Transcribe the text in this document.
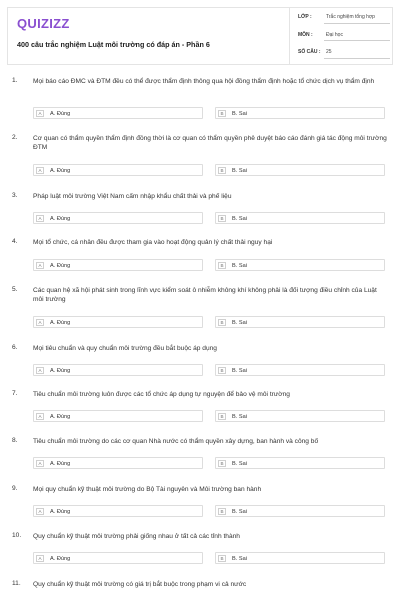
QUIZIZZ
400 câu trắc nghiệm Luật môi trường có đáp án - Phần 6
LỚP :	Trắc nghiệm tổng hợp
MÔN :	Đại học
SỐ CÂU : 25
1. Mọi báo cáo ĐMC và ĐTM đều có thể được thẩm định thông qua hội đồng thẩm định hoặc tổ chức dịch vụ thẩm định
A	A. Đúng	B	B. Sai
2. Cơ quan có thẩm quyền thẩm định đồng thời là cơ quan có thẩm quyền phê duyệt báo cáo đánh giá tác động môi trường ĐTM
A	A. Đúng	B	B. Sai
3. Pháp luật môi trường Việt Nam cấm nhập khẩu chất thải và phế liệu
A	A. Đúng	B	B. Sai
4. Mọi tổ chức, cá nhân đều được tham gia vào hoạt động quản lý chất thải nguy hại
A	A. Đúng	B	B. Sai
5. Các quan hệ xã hội phát sinh trong lĩnh vực kiểm soát ô nhiễm không khí không phải là đối tượng điều chỉnh của Luật môi trường
A	A. Đúng	B	B. Sai
6. Mọi tiêu chuẩn và quy chuẩn môi trường đều bắt buộc áp dụng
A	A. Đúng	B	B. Sai
7. Tiêu chuẩn môi trường luôn được các tổ chức áp dụng tự nguyện để bảo vệ môi trường
A	A. Đúng	B	B. Sai
8. Tiêu chuẩn môi trường do các cơ quan Nhà nước có thẩm quyền xây dựng, ban hành và công bố
A	A. Đúng	B	B. Sai
9. Mọi quy chuẩn kỹ thuật môi trường do Bộ Tài nguyên và Môi trường ban hành
A	A. Đúng	B	B. Sai
10. Quy chuẩn kỹ thuật môi trường phải giống nhau ở tất cả các tỉnh thành
A	A. Đúng	B	B. Sai
11. Quy chuẩn kỹ thuật môi trường có giá trị bắt buộc trong phạm vi cả nước
